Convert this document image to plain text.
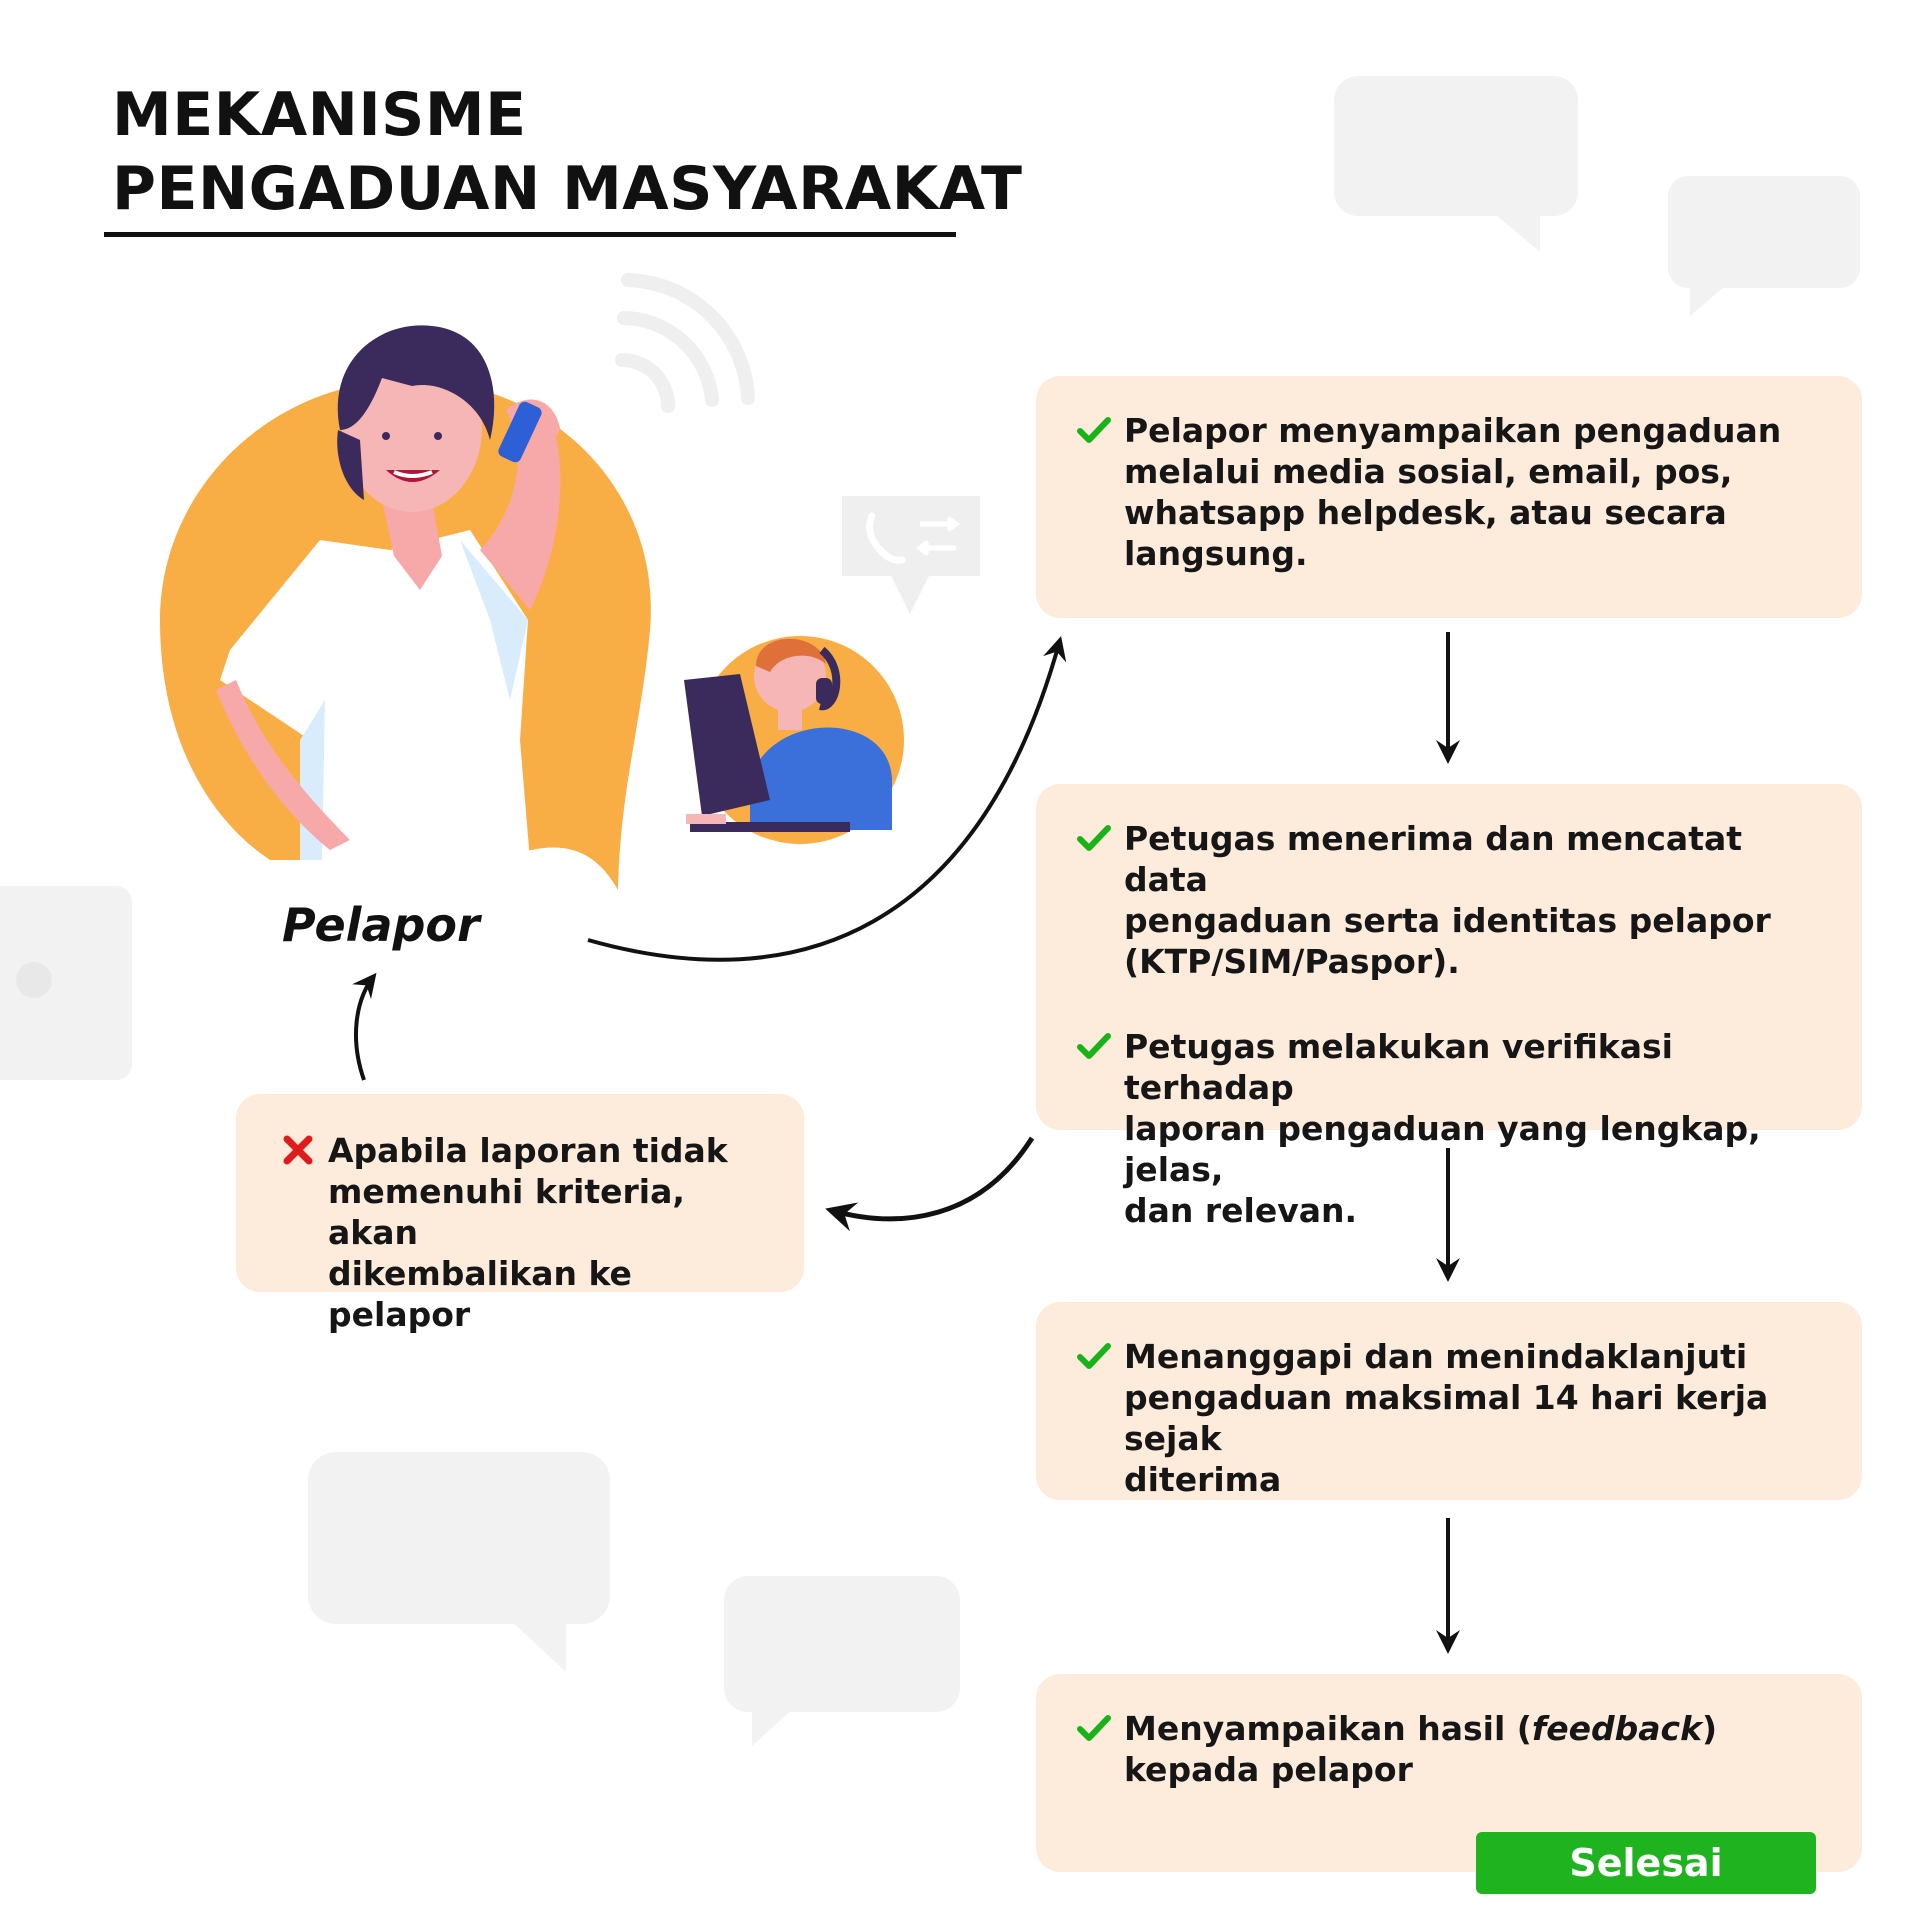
MEKANISME
PENGADUAN MASYARAKAT
Pelapor
Pelapor menyampaikan pengaduan
melalui media sosial, email, pos,
whatsapp helpdesk, atau secara
langsung.
Petugas menerima dan mencatat data
pengaduan serta identitas pelapor
(KTP/SIM/Paspor).
Petugas melakukan verifikasi terhadap
laporan pengaduan yang lengkap, jelas,
dan relevan.
Menanggapi dan menindaklanjuti
pengaduan maksimal 14 hari kerja sejak
diterima
Menyampaikan hasil (feedback)
kepada pelapor
Apabila laporan tidak
memenuhi kriteria, akan
dikembalikan ke pelapor
Selesai
